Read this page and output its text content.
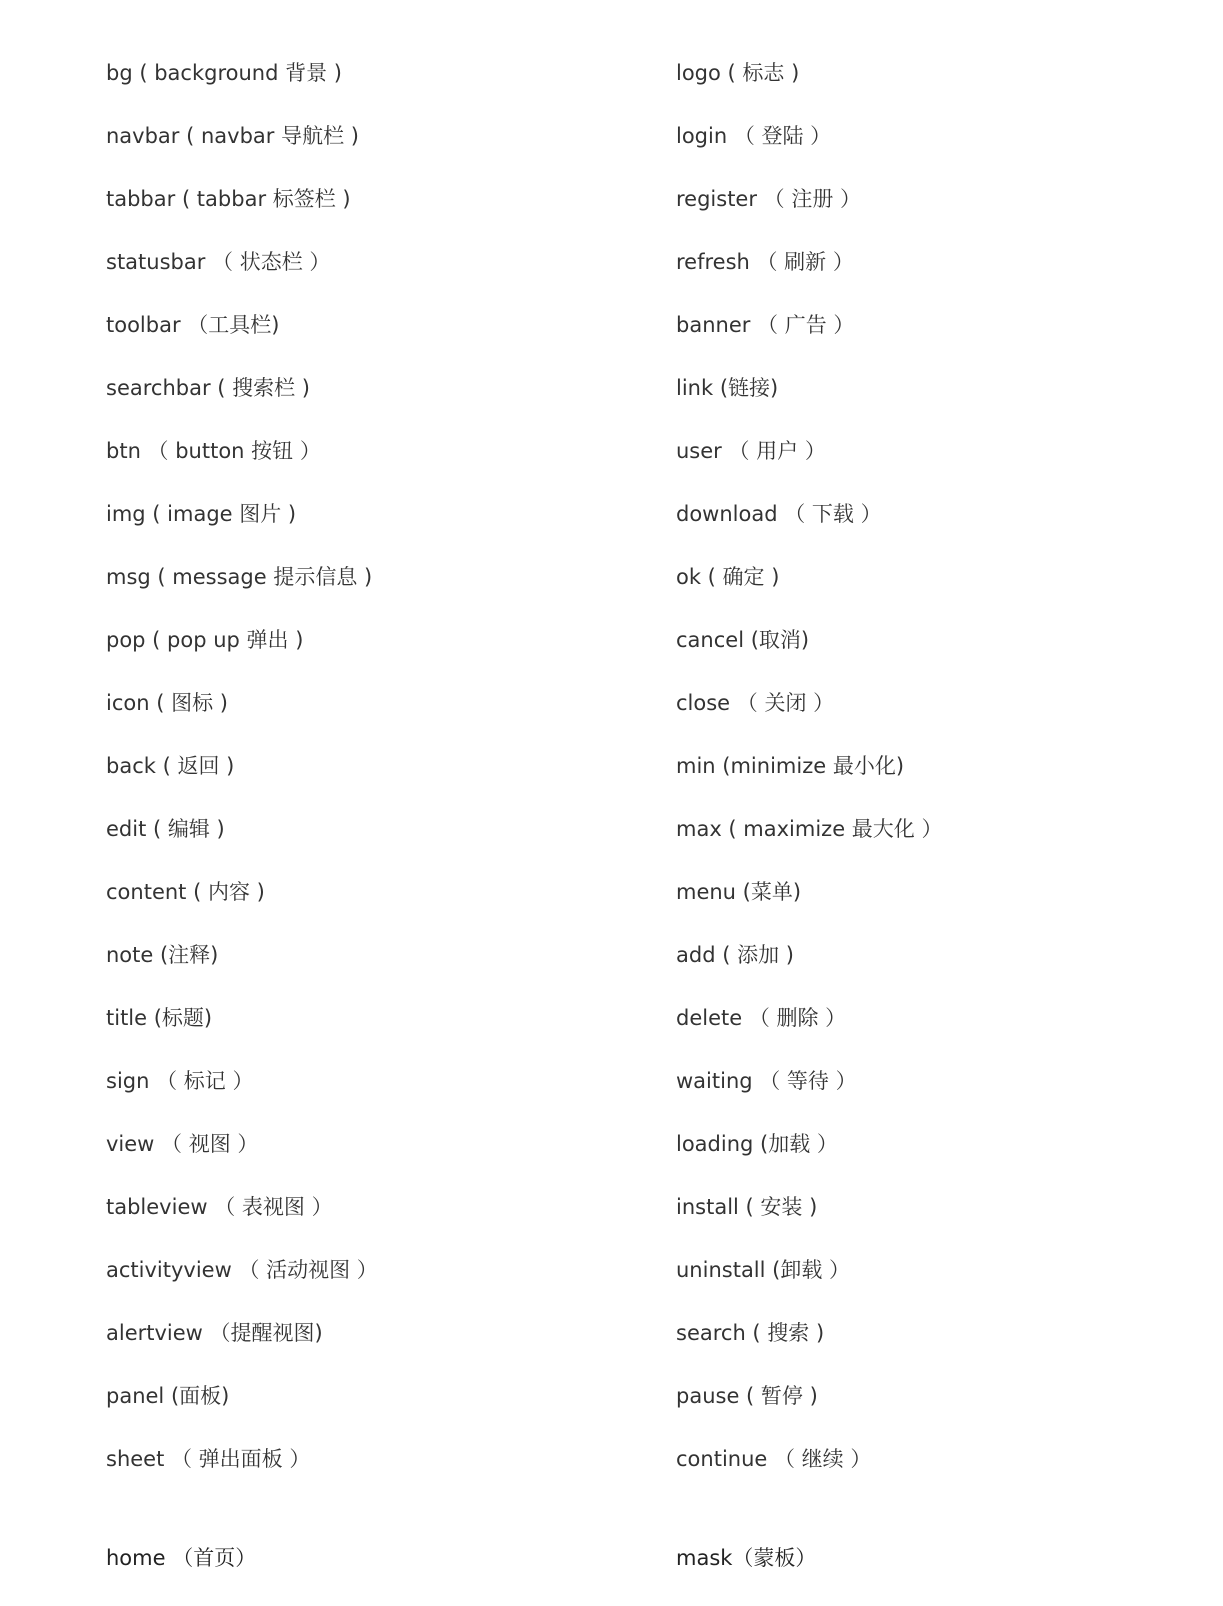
bg ( background 背景 )
navbar ( navbar 导航栏 )
tabbar ( tabbar 标签栏 )
statusbar （ 状态栏 ）
toolbar （工具栏)
searchbar ( 搜索栏 )
btn （ button 按钮 ）
img ( image 图片 )
msg ( message 提示信息 )
pop ( pop up 弹出 )
icon ( 图标 )
back ( 返回 )
edit ( 编辑 )
content ( 内容 )
note (注释)
title (标题)
sign （ 标记 ）
view （ 视图 ）
tableview （ 表视图 ）
activityview （ 活动视图 ）
alertview （提醒视图)
panel (面板)
sheet （ 弹出面板 ）
logo ( 标志 )
login （ 登陆 ）
register （ 注册 ）
refresh （ 刷新 ）
banner （ 广告 ）
link (链接)
user （ 用户 ）
download （ 下载 ）
ok ( 确定 )
cancel (取消)
close （ 关闭 ）
min (minimize 最小化)
max ( maximize 最大化 ）
menu (菜单)
add ( 添加 )
delete （ 删除 ）
waiting （ 等待 ）
loading (加载 ）
install ( 安装 )
uninstall (卸载 ）
search ( 搜索 )
pause ( 暂停 )
continue （ 继续 ）
home （首页）	mask（蒙板）
